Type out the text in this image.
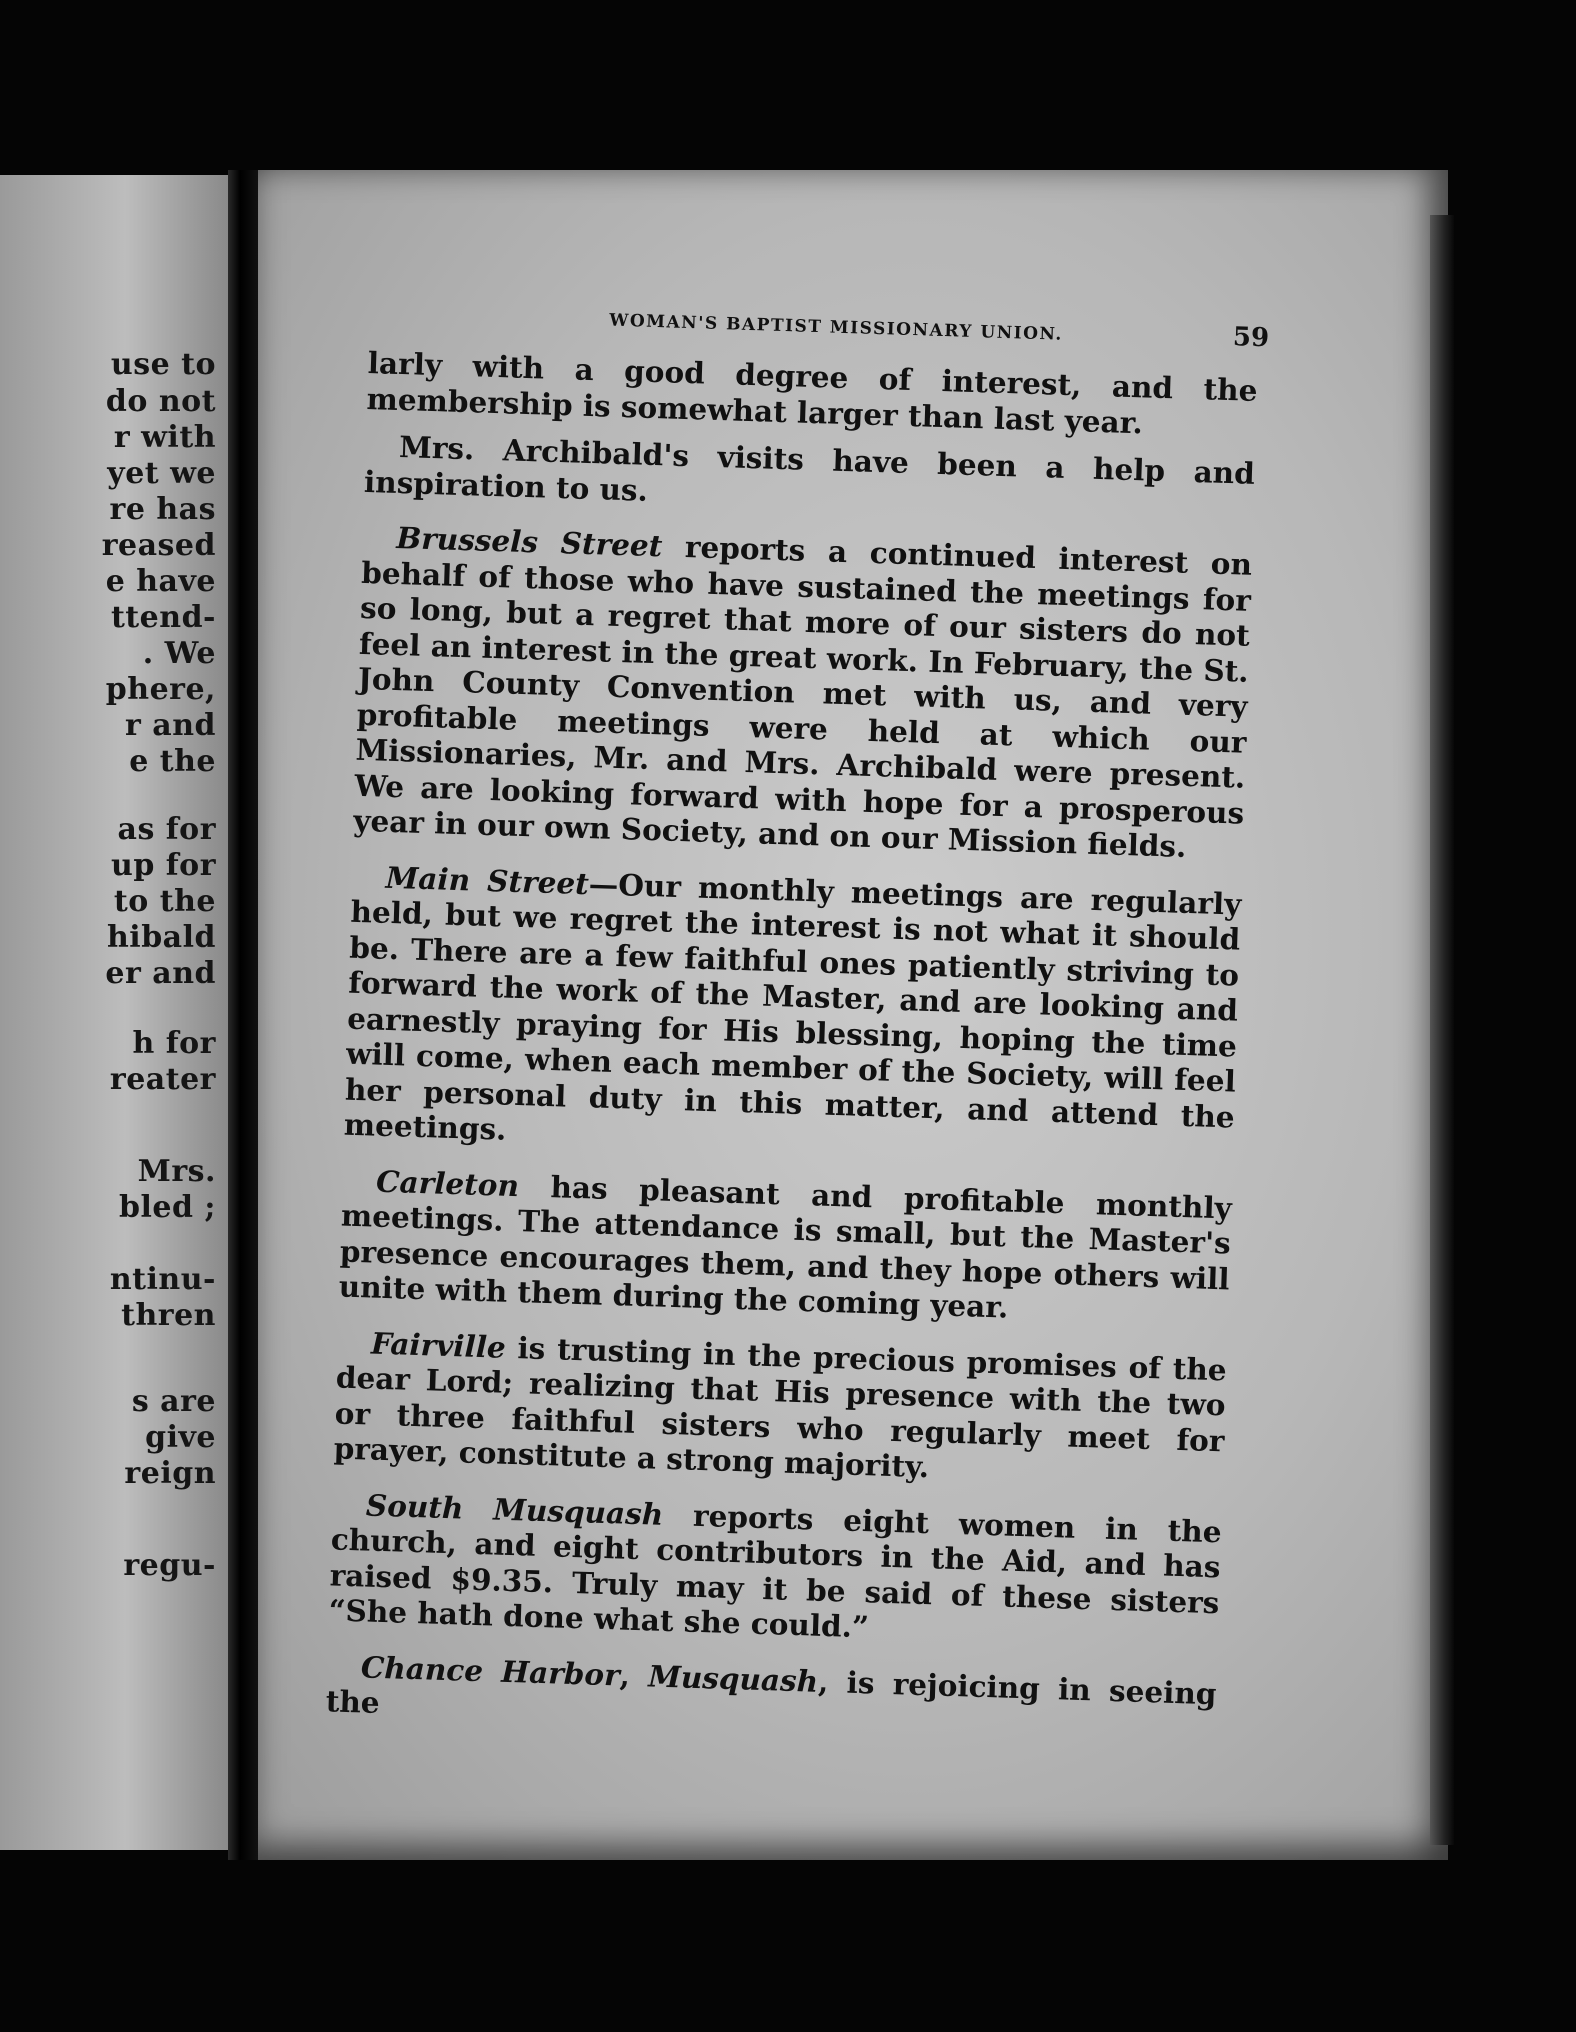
use to
do not
r with
yet we
re has
reased
e have
ttend-
. We
phere,
r and
e the
as for
up for
to the
hibald
er and
h for
reater
Mrs.
bled ;
ntinu-
thren
s are
give
reign
regu-
WOMAN'S BAPTIST MISSIONARY UNION.	59

larly with a good degree of interest, and the membership is somewhat larger than last year.

Mrs. Archibald's visits have been a help and inspiration to us.

Brussels Street reports a continued interest on behalf of those who have sustained the meetings for so long, but a regret that more of our sisters do not feel an interest in the great work. In February, the St. John County Convention met with us, and very profitable meetings were held at which our Missionaries, Mr. and Mrs. Archibald were present. We are looking forward with hope for a prosperous year in our own Society, and on our Mission fields.

Main Street—Our monthly meetings are regularly held, but we regret the interest is not what it should be. There are a few faithful ones patiently striving to forward the work of the Master, and are looking and earnestly praying for His blessing, hoping the time will come, when each member of the Society, will feel her personal duty in this matter, and attend the meetings.

Carleton has pleasant and profitable monthly meetings. The attendance is small, but the Master's presence encourages them, and they hope others will unite with them during the coming year.

Fairville is trusting in the precious promises of the dear Lord; realizing that His presence with the two or three faithful sisters who regularly meet for prayer, constitute a strong majority.

South Musquash reports eight women in the church, and eight contributors in the Aid, and has raised $9.35. Truly may it be said of these sisters “She hath done what she could.”

Chance Harbor, Musquash, is rejoicing in seeing the
